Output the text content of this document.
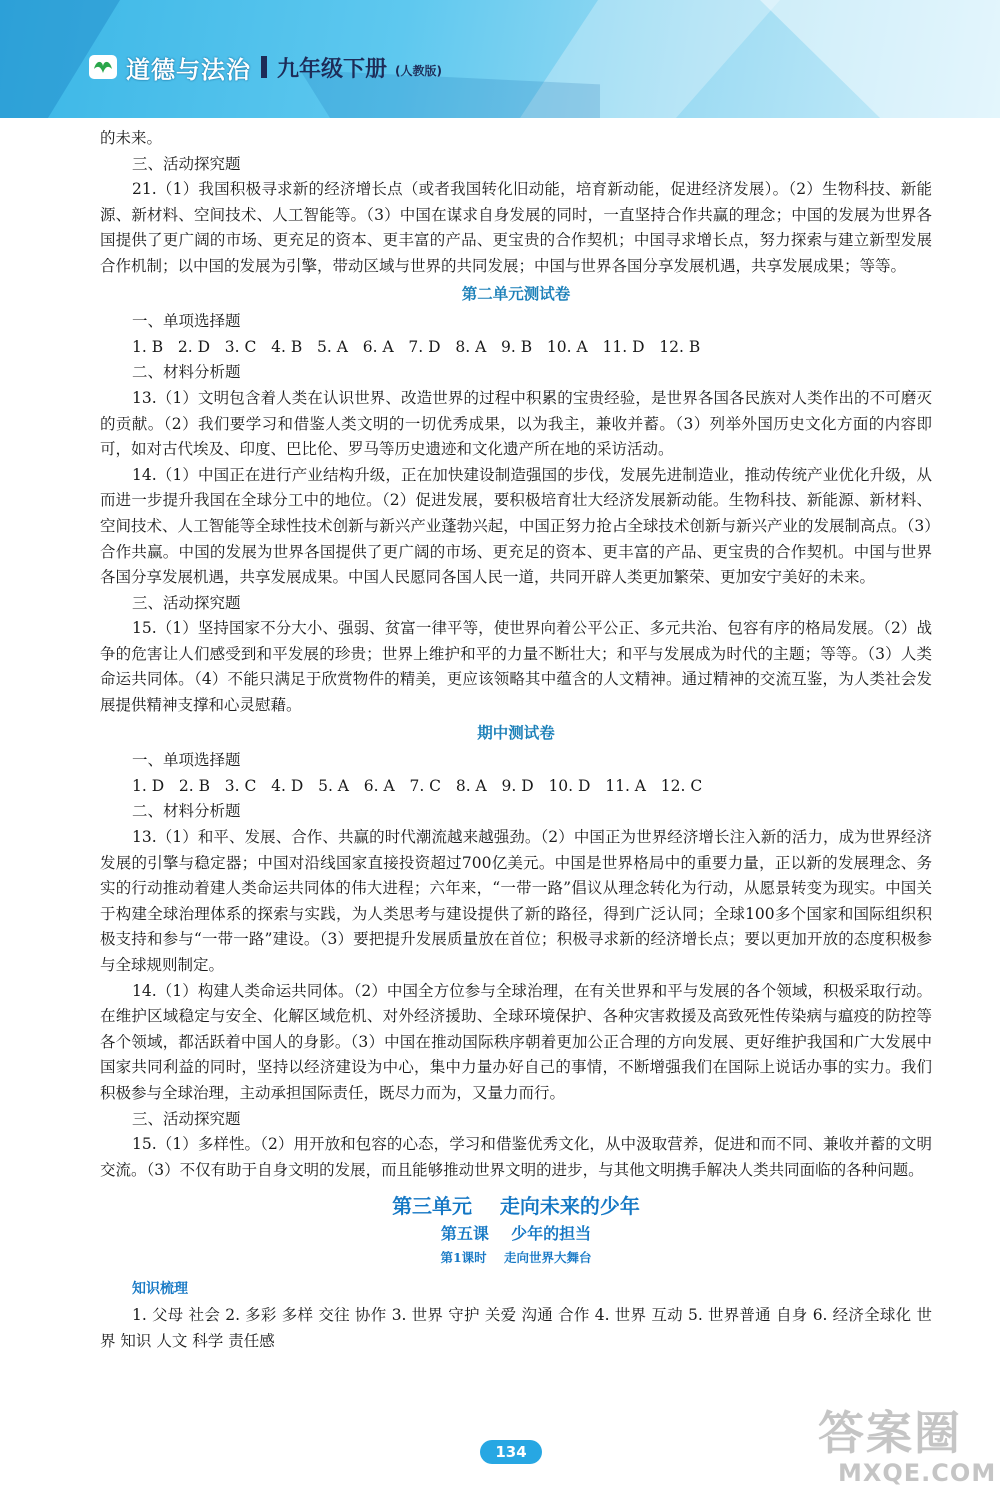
道德与法治 九年级下册 (人教版)

的未来。

三、活动探究题

21.（1）我国积极寻求新的经济增长点（或者我国转化旧动能，培育新动能，促进经济发展）。（2）生物科技、新能源、新材料、空间技术、人工智能等。（3）中国在谋求自身发展的同时，一直坚持合作共赢的理念；中国的发展为世界各国提供了更广阔的市场、更充足的资本、更丰富的产品、更宝贵的合作契机；中国寻求增长点，努力探索与建立新型发展合作机制；以中国的发展为引擎，带动区域与世界的共同发展；中国与世界各国分享发展机遇，共享发展成果；等等。

第二单元测试卷

一、单项选择题

1. B   2. D   3. C   4. B   5. A   6. A   7. D   8. A   9. B   10. A   11. D   12. B

二、材料分析题

13.（1）文明包含着人类在认识世界、改造世界的过程中积累的宝贵经验，是世界各国各民族对人类作出的不可磨灭的贡献。（2）我们要学习和借鉴人类文明的一切优秀成果，以为我主，兼收并蓄。（3）列举外国历史文化方面的内容即可，如对古代埃及、印度、巴比伦、罗马等历史遗迹和文化遗产所在地的采访活动。

14.（1）中国正在进行产业结构升级，正在加快建设制造强国的步伐，发展先进制造业，推动传统产业优化升级，从而进一步提升我国在全球分工中的地位。（2）促进发展，要积极培育壮大经济发展新动能。生物科技、新能源、新材料、空间技术、人工智能等全球性技术创新与新兴产业蓬勃兴起，中国正努力抢占全球技术创新与新兴产业的发展制高点。（3）合作共赢。中国的发展为世界各国提供了更广阔的市场、更充足的资本、更丰富的产品、更宝贵的合作契机。中国与世界各国分享发展机遇，共享发展成果。中国人民愿同各国人民一道，共同开辟人类更加繁荣、更加安宁美好的未来。

三、活动探究题

15.（1）坚持国家不分大小、强弱、贫富一律平等，使世界向着公平公正、多元共治、包容有序的格局发展。（2）战争的危害让人们感受到和平发展的珍贵；世界上维护和平的力量不断壮大；和平与发展成为时代的主题；等等。（3）人类命运共同体。（4）不能只满足于欣赏物件的精美，更应该领略其中蕴含的人文精神。通过精神的交流互鉴，为人类社会发展提供精神支撑和心灵慰藉。

期中测试卷

一、单项选择题

1. D   2. B   3. C   4. D   5. A   6. A   7. C   8. A   9. D   10. D   11. A   12. C

二、材料分析题

13.（1）和平、发展、合作、共赢的时代潮流越来越强劲。（2）中国正为世界经济增长注入新的活力，成为世界经济发展的引擎与稳定器；中国对沿线国家直接投资超过700亿美元。中国是世界格局中的重要力量，正以新的发展理念、务实的行动推动着建人类命运共同体的伟大进程；六年来，“一带一路”倡议从理念转化为行动，从愿景转变为现实。中国关于构建全球治理体系的探索与实践，为人类思考与建设提供了新的路径，得到广泛认同；全球100多个国家和国际组织积极支持和参与“一带一路”建设。（3）要把提升发展质量放在首位；积极寻求新的经济增长点；要以更加开放的态度积极参与全球规则制定。

14.（1）构建人类命运共同体。（2）中国全方位参与全球治理，在有关世界和平与发展的各个领域，积极采取行动。在维护区域稳定与安全、化解区域危机、对外经济援助、全球环境保护、各种灾害救援及高致死性传染病与瘟疫的防控等各个领域，都活跃着中国人的身影。（3）中国在推动国际秩序朝着更加公正合理的方向发展、更好维护我国和广大发展中国家共同利益的同时，坚持以经济建设为中心，集中力量办好自己的事情，不断增强我们在国际上说话办事的实力。我们积极参与全球治理，主动承担国际责任，既尽力而为，又量力而行。

三、活动探究题

15.（1）多样性。（2）用开放和包容的心态，学习和借鉴优秀文化，从中汲取营养，促进和而不同、兼收并蓄的文明交流。（3）不仅有助于自身文明的发展，而且能够推动世界文明的进步，与其他文明携手解决人类共同面临的各种问题。

第三单元    走向未来的少年

第五课    少年的担当

第1课时    走向世界大舞台

知识梳理

1. 父母 社会 2. 多彩 多样 交往 协作 3. 世界 守护 关爱 沟通 合作 4. 世界 互动 5. 世界普通 自身 6. 经济全球化 世界 知识 人文 科学 责任感

134	答案圈
MXQE.COM
